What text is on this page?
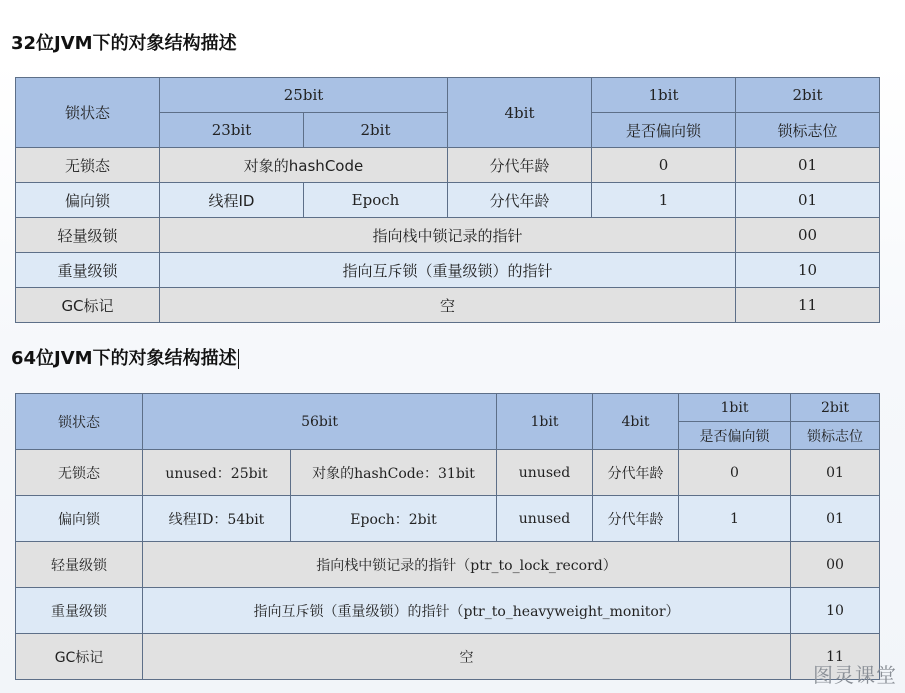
32位JVM下的对象结构描述
锁状态	25bit		4bit	1bit	2bit
	23bit	2bit		是否偏向锁	锁标志位
无锁态	对象的hashCode		分代年龄	0	01
偏向锁	线程ID	Epoch	分代年龄	1	01
轻量级锁	指向栈中锁记录的指针				00
重量级锁	指向互斥锁（重量级锁）的指针				10
GC标记	空				11
64位JVM下的对象结构描述
锁状态	56bit		1bit	4bit	1bit	2bit
					是否偏向锁	锁标志位
无锁态	unused：25bit	对象的hashCode：31bit	unused	分代年龄	0	01
偏向锁	线程ID：54bit	Epoch：2bit	unused	分代年龄	1	01
轻量级锁	指向栈中锁记录的指针（ptr_to_lock_record）					00
重量级锁	指向互斥锁（重量级锁）的指针（ptr_to_heavyweight_monitor）					10
GC标记	空					11
图灵课堂
